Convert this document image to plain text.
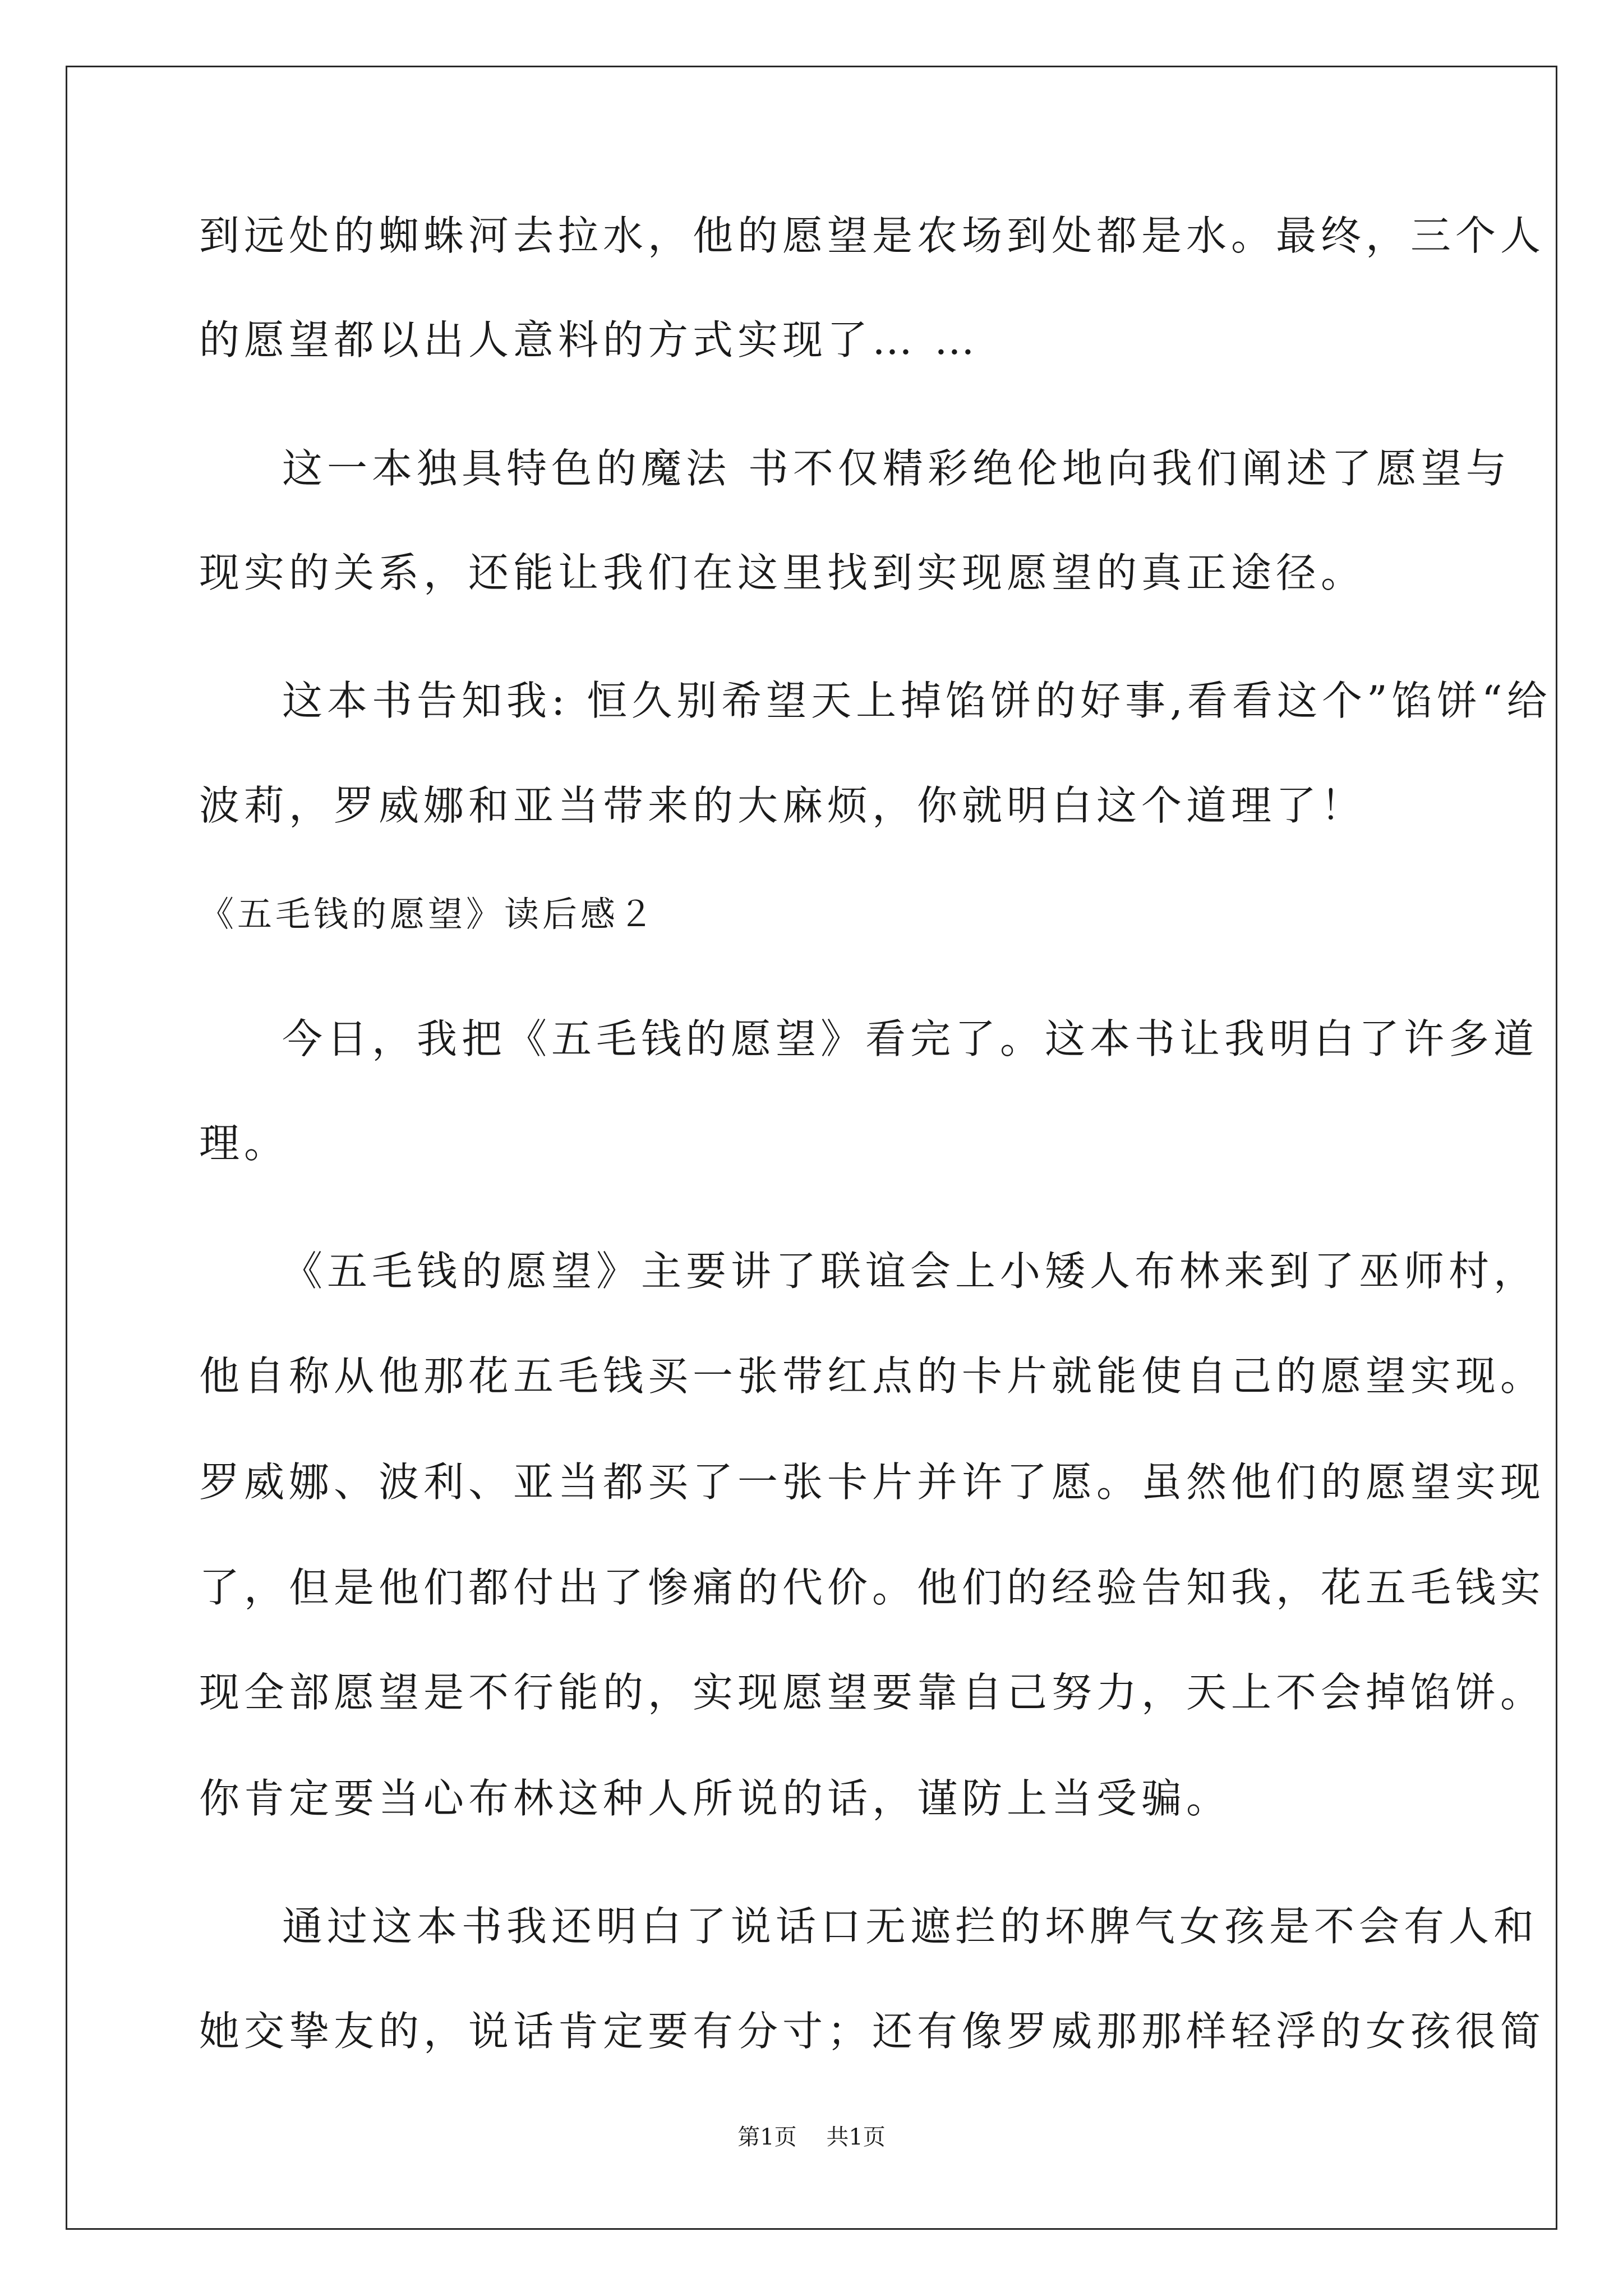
到远处的蜘蛛河去拉水，他的愿望是农场到处都是水。最终，三个人
的愿望都以出人意料的方式实现了… …
这一本独具特色的魔法 书不仅精彩绝伦地向我们阐述了愿望与
现实的关系，还能让我们在这里找到实现愿望的真正途径。
这本书告知我: 恒久别希望天上掉馅饼的好事,看看这个”馅饼“给
波莉，罗威娜和亚当带来的大麻烦，你就明白这个道理了！
《五毛钱的愿望》读后感２
今日，我把《五毛钱的愿望》看完了。这本书让我明白了许多道
理。
《五毛钱的愿望》主要讲了联谊会上小矮人布林来到了巫师村，
他自称从他那花五毛钱买一张带红点的卡片就能使自己的愿望实现。
罗威娜、波利、亚当都买了一张卡片并许了愿。虽然他们的愿望实现
了，但是他们都付出了惨痛的代价。他们的经验告知我，花五毛钱实
现全部愿望是不行能的，实现愿望要靠自己努力，天上不会掉馅饼。
你肯定要当心布林这种人所说的话，谨防上当受骗。
通过这本书我还明白了说话口无遮拦的坏脾气女孩是不会有人和
她交挚友的，说话肯定要有分寸；还有像罗威那那样轻浮的女孩很简
第1页 共1页
